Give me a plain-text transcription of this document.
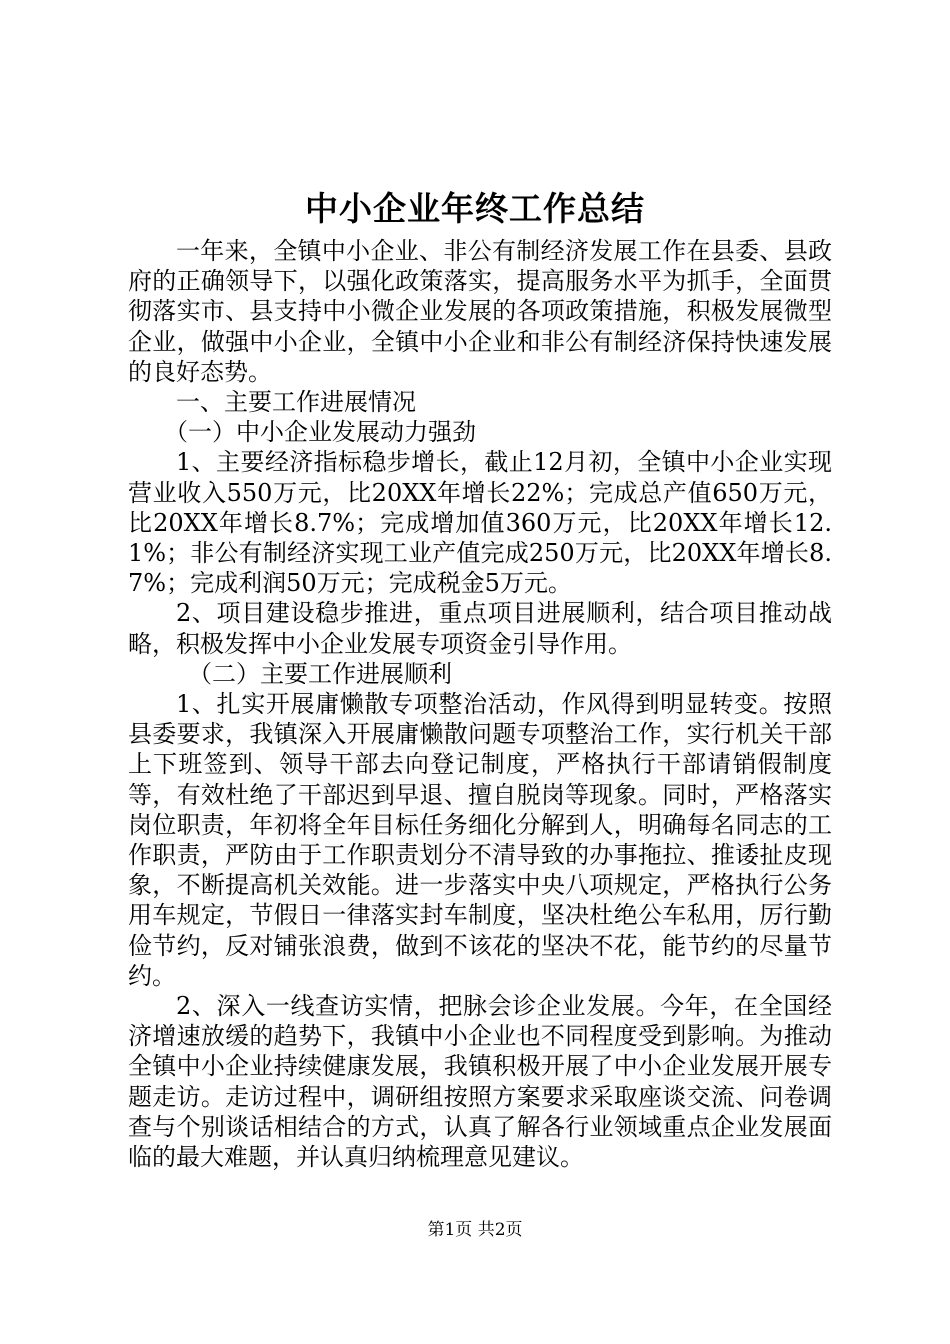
中小企业年终工作总结

一年来，全镇中小企业、非公有制经济发展工作在县委、县政府的正确领导下，以强化政策落实，提高服务水平为抓手，全面贯彻落实市、县支持中小微企业发展的各项政策措施，积极发展微型企业，做强中小企业，全镇中小企业和非公有制经济保持快速发展的良好态势。

一、主要工作进展情况

（一）中小企业发展动力强劲

1、主要经济指标稳步增长，截止12月初，全镇中小企业实现营业收入550万元，比20XX年增长22%；完成总产值650万元，比20XX年增长8.7%；完成增加值360万元，比20XX年增长12.1%；非公有制经济实现工业产值完成250万元，比20XX年增长8.7%；完成利润50万元；完成税金5万元。

2、项目建设稳步推进，重点项目进展顺利，结合项目推动战略，积极发挥中小企业发展专项资金引导作用。

（二）主要工作进展顺利

1、扎实开展庸懒散专项整治活动，作风得到明显转变。按照县委要求，我镇深入开展庸懒散问题专项整治工作，实行机关干部上下班签到、领导干部去向登记制度，严格执行干部请销假制度等，有效杜绝了干部迟到早退、擅自脱岗等现象。同时，严格落实岗位职责，年初将全年目标任务细化分解到人，明确每名同志的工作职责，严防由于工作职责划分不清导致的办事拖拉、推诿扯皮现象，不断提高机关效能。进一步落实中央八项规定，严格执行公务用车规定，节假日一律落实封车制度，坚决杜绝公车私用，厉行勤俭节约，反对铺张浪费，做到不该花的坚决不花，能节约的尽量节约。

2、深入一线查访实情，把脉会诊企业发展。今年，在全国经济增速放缓的趋势下，我镇中小企业也不同程度受到影响。为推动全镇中小企业持续健康发展，我镇积极开展了中小企业发展开展专题走访。走访过程中，调研组按照方案要求采取座谈交流、问卷调查与个别谈话相结合的方式，认真了解各行业领域重点企业发展面临的最大难题，并认真归纳梳理意见建议。

第1页 共2页
